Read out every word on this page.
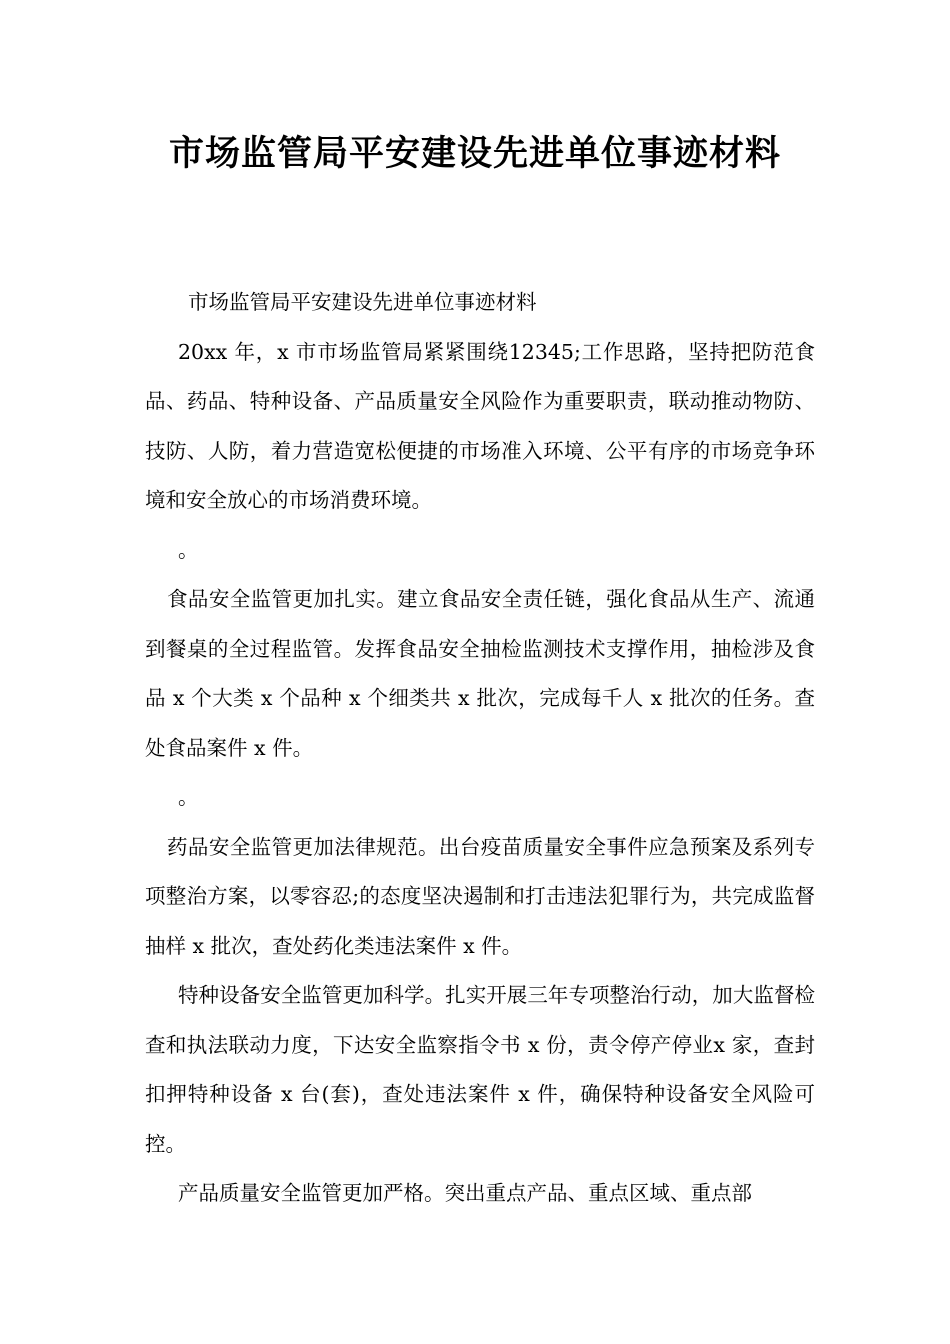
市场监管局平安建设先进单位事迹材料

市场监管局平安建设先进单位事迹材料

20xx 年，x 市市场监管局紧紧围绕12345;工作思路，坚持把防范食品、药品、特种设备、产品质量安全风险作为重要职责，联动推动物防、技防、人防，着力营造宽松便捷的市场准入环境、公平有序的市场竞争环境和安全放心的市场消费环境。

。

食品安全监管更加扎实。建立食品安全责任链，强化食品从生产、流通到餐桌的全过程监管。发挥食品安全抽检监测技术支撑作用，抽检涉及食品 x 个大类 x 个品种 x 个细类共 x 批次，完成每千人 x 批次的任务。查处食品案件 x 件。

。

药品安全监管更加法律规范。出台疫苗质量安全事件应急预案及系列专项整治方案，以零容忍;的态度坚决遏制和打击违法犯罪行为，共完成监督抽样 x 批次，查处药化类违法案件 x 件。

特种设备安全监管更加科学。扎实开展三年专项整治行动，加大监督检查和执法联动力度，下达安全监察指令书 x 份，责令停产停业x 家，查封扣押特种设备 x 台(套)，查处违法案件 x 件，确保特种设备安全风险可控。

产品质量安全监管更加严格。突出重点产品、重点区域、重点部
